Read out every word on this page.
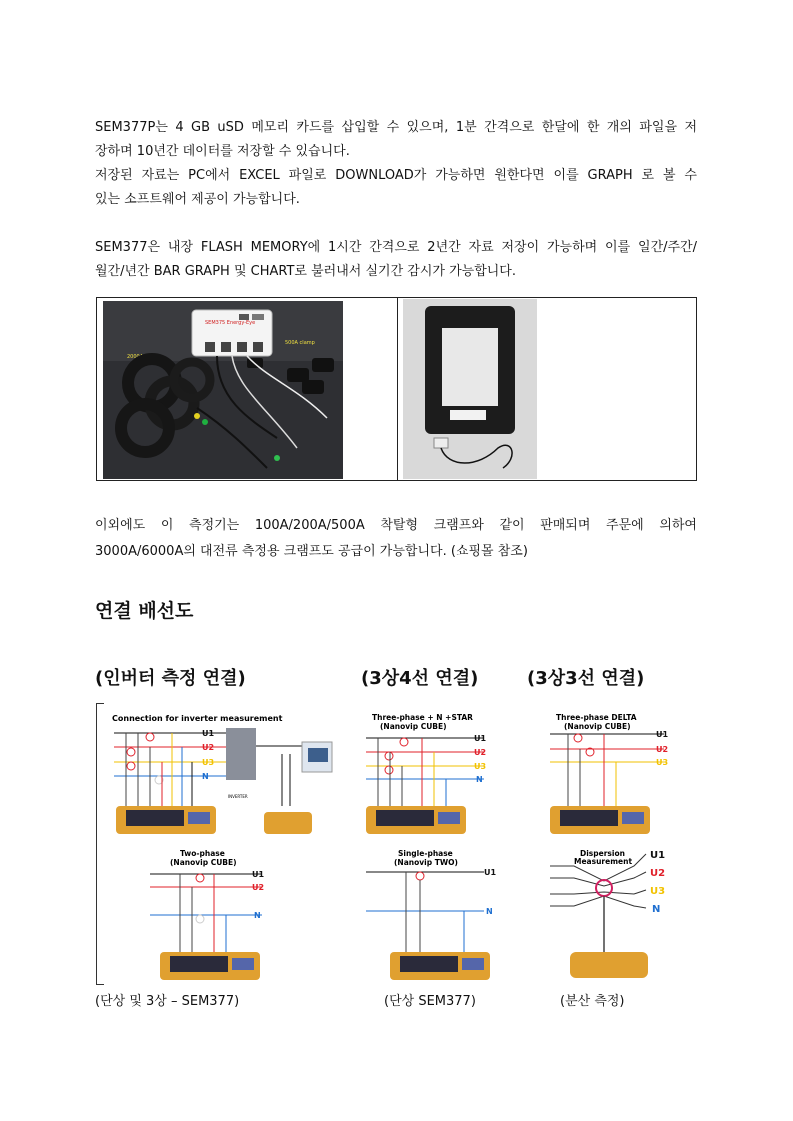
SEM377P는 4 GB uSD 메모리 카드를 삽입할 수 있으며, 1분 간격으로 한달에 한 개의 파일을 저
장하며 10년간 데이터를 저장할 수 있습니다.
저장된 자료는 PC에서 EXCEL 파일로 DOWNLOAD가 가능하면 원한다면 이를 GRAPH 로 볼 수
있는 소프트웨어 제공이 가능합니다.
SEM377은 내장 FLASH MEMORY에 1시간 간격으로 2년간 자료 저장이 가능하며 이를 일간/주간/
월간/년간 BAR GRAPH 및 CHART로 불러내서 실기간 감시가 가능합니다.
SEM375 Energy-Eye
2000A clamp
500A clamp
이외에도 이 측정기는 100A/200A/500A 착탈형 크램프와 같이 판매되며 주문에 의하여
3000A/6000A의 대전류 측정용 크램프도 공급이 가능합니다. (쇼핑몰 참조)
연결 배선도
(인버터 측정 연결)	(3상4선 연결)	(3상3선 연결)
Connection for inverter measurement
U1
U2
U3
N
INVERTER
Three-phase + N +STAR
(Nanovip CUBE)
U1
U2
U3
N
Three-phase DELTA
(Nanovip CUBE)
U1
U2
U3
Two-phase
(Nanovip CUBE)
U1
U2
N
Single-phase
(Nanovip TWO)
U1
N
Dispersion
Measurement
U1
U2
U3
N
(단상 및 3상 – SEM377)	(단상 SEM377)	(분산 측정)
